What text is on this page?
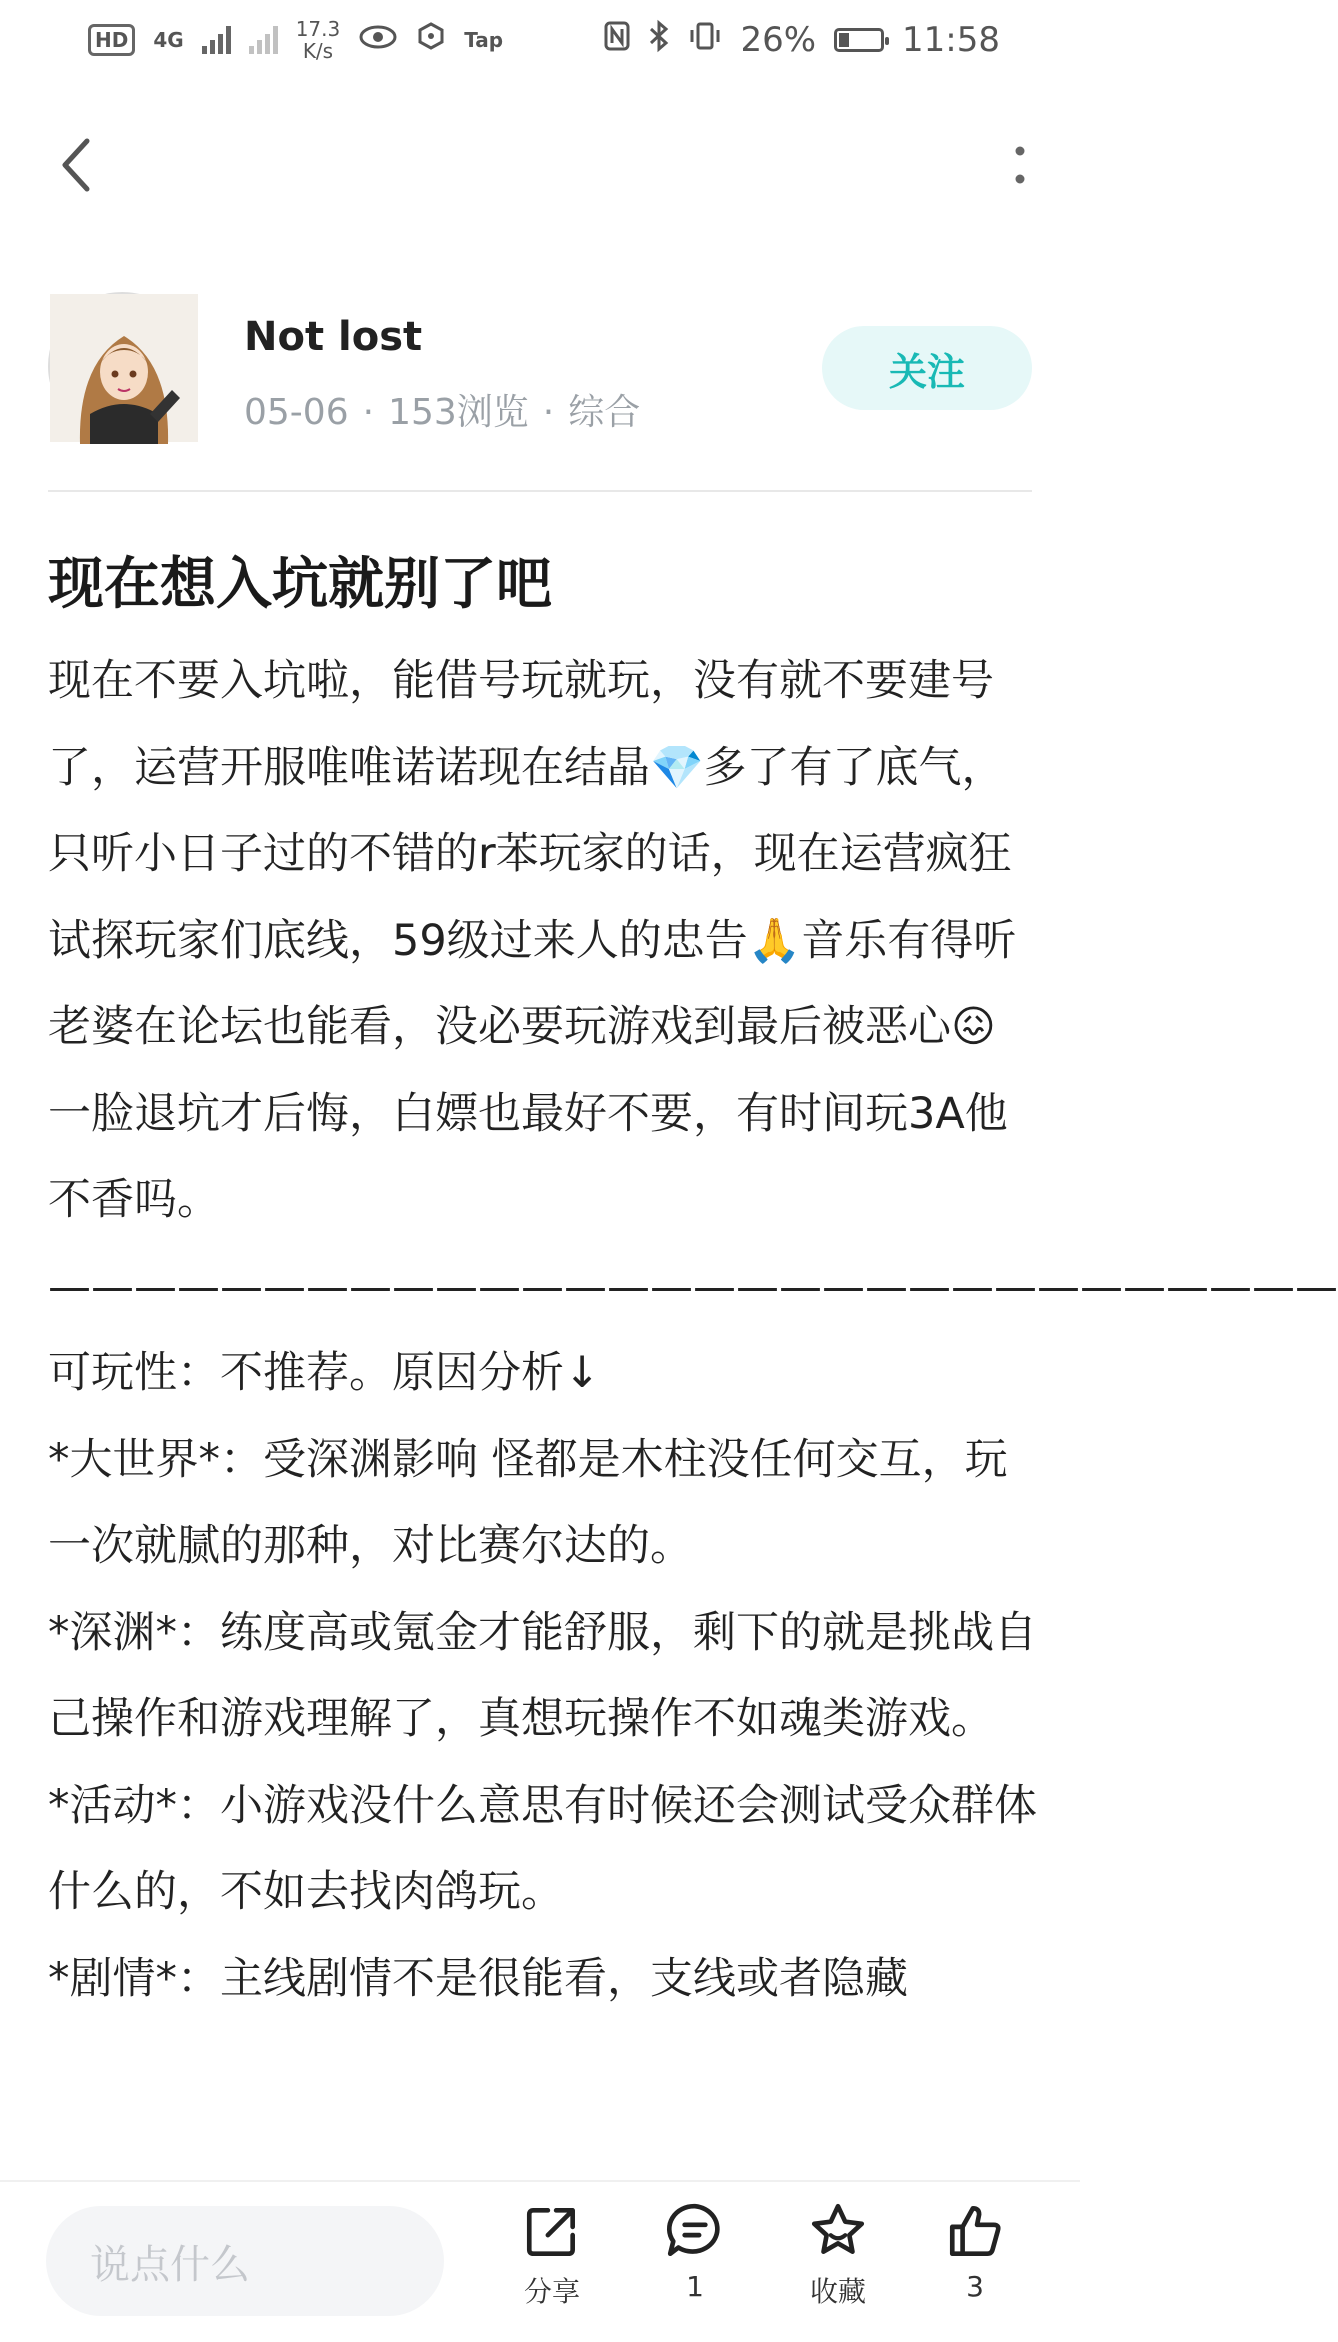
HD	4G	17.3
K/s	Tap	26%	11:58
Not lost
05-06 · 153浏览 · 综合
关注
现在想入坑就别了吧

现在不要入坑啦，能借号玩就玩，没有就不要建号了，运营开服唯唯诺诺现在结晶💎多了有了底气，只听小日子过的不错的r苯玩家的话，现在运营疯狂试探玩家们底线，59级过来人的忠告🙏音乐有得听老婆在论坛也能看，没必要玩游戏到最后被恶心😖一脸退坑才后悔，白嫖也最好不要，有时间玩3A他不香吗。

——————————————————————————————

可玩性：不推荐。原因分析↓

*大世界*：受深渊影响 怪都是木柱没任何交互，玩一次就腻的那种，对比赛尔达的。

*深渊*：练度高或氪金才能舒服，剩下的就是挑战自己操作和游戏理解了，真想玩操作不如魂类游戏。

*活动*：小游戏没什么意思有时候还会测试受众群体什么的，不如去找肉鸽玩。

*剧情*：主线剧情不是很能看，支线或者隐藏

说点什么
分享	1	收藏	3
